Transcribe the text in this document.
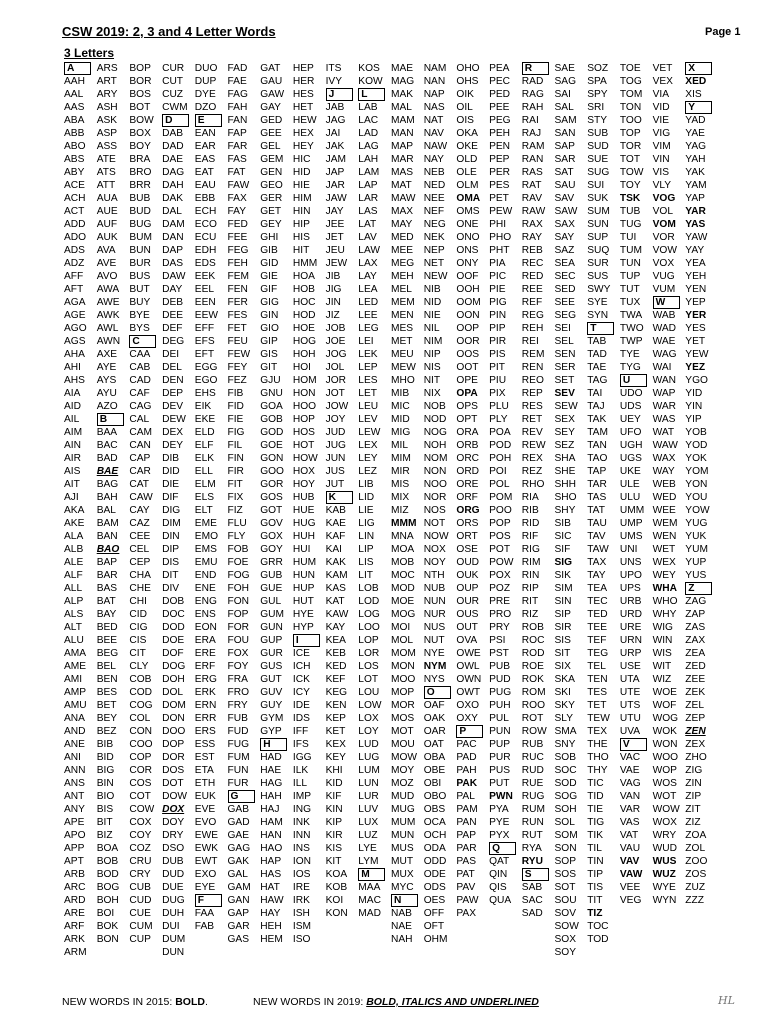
CSW 2019: 2, 3 and 4 Letter Words	Page 1
3 Letters
A
AAH
AAL
AAS
ABA
ABB
ABO
ABS
ABY
ACE
ACH
ACT
ADD
ADO
ADS
ADZ
AFF
AFT
AGA
AGE
AGO
AGS
AHA
AHI
AHS
AIA
AID
AIL
AIM
AIN
AIR
AIS
AIT
AJI
AKA
AKE
ALA
ALB
ALE
ALF
ALL
ALP
ALS
ALT
ALU
AMA
AME
AMI
AMP
AMU
ANA
AND
ANE
ANI
ANN
ANS
ANT
ANY
APE
APO
APP
APT
ARB
ARC
ARD
ARE
ARF
ARK
ARM
ARS
ART
ARY
ASH
ASK
ASP
ASS
ATE
ATS
ATT
AUA
AUE
AUF
AUK
AVA
AVE
AVO
AWA
AWE
AWK
AWL
AWN
AXE
AYE
AYS
AYU
AZO
B
BAA
BAC
BAD
BAE
BAG
BAH
BAL
BAM
BAN
BAO
BAP
BAR
BAS
BAT
BAY
BED
BEE
BEG
BEL
BEN
BES
BET
BEY
BEZ
BIB
BID
BIG
BIN
BIO
BIS
BIT
BIZ
BOA
BOB
BOD
BOG
BOH
BOI
BOK
BON
BOP
BOR
BOS
BOT
BOW
BOX
BOY
BRA
BRO
BRR
BUB
BUD
BUG
BUM
BUN
BUR
BUS
BUT
BUY
BYE
BYS
C
CAA
CAB
CAD
CAF
CAG
CAL
CAM
CAN
CAP
CAR
CAT
CAW
CAY
CAZ
CEE
CEL
CEP
CHA
CHE
CHI
CID
CIG
CIS
CIT
CLY
COB
COD
COG
COL
CON
COO
COP
COR
COS
COT
COW
COX
COY
COZ
CRU
CRY
CUB
CUD
CUE
CUM
CUP
CUR
CUT
CUZ
CWM
D
DAB
DAD
DAE
DAG
DAH
DAK
DAL
DAM
DAN
DAP
DAS
DAW
DAY
DEB
DEE
DEF
DEG
DEI
DEL
DEN
DEP
DEV
DEW
DEX
DEY
DIB
DID
DIE
DIF
DIG
DIM
DIN
DIP
DIS
DIT
DIV
DOB
DOC
DOD
DOE
DOF
DOG
DOH
DOL
DOM
DON
DOO
DOP
DOR
DOS
DOT
DOW
DOX
DOY
DRY
DSO
DUB
DUD
DUE
DUG
DUH
DUI
DUM
DUN
DUO
DUP
DYE
DZO
E
EAN
EAR
EAS
EAT
EAU
EBB
ECH
ECO
ECU
EDH
EDS
EEK
EEL
EEN
EEW
EFF
EFS
EFT
EGG
EGO
EHS
EIK
EKE
ELD
ELF
ELK
ELL
ELM
ELS
ELT
EME
EMO
EMS
EMU
END
ENE
ENG
ENS
EON
ERA
ERE
ERF
ERG
ERK
ERN
ERR
ERS
ESS
EST
ETA
ETH
EUK
EVE
EVO
EWE
EWK
EWT
EXO
EYE
F
FAA
FAB
FAD
FAE
FAG
FAH
FAN
FAP
FAR
FAS
FAT
FAW
FAX
FAY
FED
FEE
FEG
FEH
FEM
FEN
FER
FES
FET
FEU
FEW
FEY
FEZ
FIB
FID
FIE
FIG
FIL
FIN
FIR
FIT
FIX
FIZ
FLU
FLY
FOB
FOE
FOG
FOH
FON
FOP
FOR
FOU
FOX
FOY
FRA
FRO
FRY
FUB
FUD
FUG
FUM
FUN
FUR
G
GAB
GAD
GAE
GAG
GAK
GAL
GAM
GAN
GAP
GAR
GAS
GAT
GAU
GAW
GAY
GED
GEE
GEL
GEM
GEN
GEO
GER
GET
GEY
GHI
GIB
GID
GIE
GIF
GIG
GIN
GIO
GIP
GIS
GIT
GJU
GNU
GOA
GOB
GOD
GOE
GON
GOO
GOR
GOS
GOT
GOV
GOX
GOY
GRR
GUB
GUE
GUL
GUM
GUN
GUP
GUR
GUS
GUT
GUV
GUY
GYM
GYP
H
HAD
HAE
HAG
HAH
HAJ
HAM
HAN
HAO
HAP
HAS
HAT
HAW
HAY
HEH
HEM
HEP
HER
HES
HET
HEW
HEX
HEY
HIC
HID
HIE
HIM
HIN
HIP
HIS
HIT
HMM
HOA
HOB
HOC
HOD
HOE
HOG
HOH
HOI
HOM
HON
HOO
HOP
HOS
HOT
HOW
HOX
HOY
HUB
HUE
HUG
HUH
HUI
HUM
HUN
HUP
HUT
HYE
HYP
I
ICE
ICH
ICK
ICY
IDE
IDS
IFF
IFS
IGG
ILK
ILL
IMP
ING
INK
INN
INS
ION
IOS
IRE
IRK
ISH
ISM
ISO
ITS
IVY
J
JAB
JAG
JAI
JAK
JAM
JAP
JAR
JAW
JAY
JEE
JET
JEU
JEW
JIB
JIG
JIN
JIZ
JOB
JOE
JOG
JOL
JOR
JOT
JOW
JOY
JUD
JUG
JUN
JUS
JUT
K
KAB
KAE
KAF
KAI
KAK
KAM
KAS
KAT
KAW
KAY
KEA
KEB
KED
KEF
KEG
KEN
KEP
KET
KEX
KEY
KHI
KID
KIF
KIN
KIP
KIR
KIS
KIT
KOA
KOB
KOI
KON
KOS
KOW
L
LAB
LAC
LAD
LAG
LAH
LAM
LAP
LAR
LAS
LAT
LAV
LAW
LAX
LAY
LEA
LED
LEE
LEG
LEI
LEK
LEP
LES
LET
LEU
LEV
LEW
LEX
LEY
LEZ
LIB
LID
LIE
LIG
LIN
LIP
LIS
LIT
LOB
LOD
LOG
LOO
LOP
LOR
LOS
LOT
LOU
LOW
LOX
LOY
LUD
LUG
LUM
LUN
LUR
LUV
LUX
LUZ
LYE
LYM
M
MAA
MAC
MAD
MAE
MAG
MAK
MAL
MAM
MAN
MAP
MAR
MAS
MAT
MAW
MAX
MAY
MED
MEE
MEG
MEH
MEL
MEM
MEN
MES
MET
MEU
MEW
MHO
MIB
MIC
MID
MIG
MIL
MIM
MIR
MIS
MIX
MIZ
MMM
MNA
MOA
MOB
MOC
MOD
MOE
MOG
MOI
MOL
MOM
MON
MOO
MOP
MOR
MOS
MOT
MOU
MOW
MOY
MOZ
MUD
MUG
MUM
MUN
MUS
MUT
MUX
MYC
N
NAB
NAE
NAH
NAM
NAN
NAP
NAS
NAT
NAV
NAW
NAY
NEB
NED
NEE
NEF
NEG
NEK
NEP
NET
NEW
NIB
NID
NIE
NIL
NIM
NIP
NIS
NIT
NIX
NOB
NOD
NOG
NOH
NOM
NON
NOO
NOR
NOS
NOT
NOW
NOX
NOY
NTH
NUB
NUN
NUR
NUS
NUT
NYE
NYM
NYS
O
OAF
OAK
OAR
OAT
OBA
OBE
OBI
OBO
OBS
OCA
OCH
ODA
ODD
ODE
ODS
OES
OFF
OFT
OHM
OHO
OHS
OIK
OIL
OIS
OKA
OKE
OLD
OLE
OLM
OMA
OMS
ONE
ONO
ONS
ONY
OOF
OOH
OOM
OON
OOP
OOR
OOS
OOT
OPE
OPA
OPS
OPT
ORA
ORB
ORC
ORD
ORE
ORF
ORG
ORS
ORT
OSE
OUD
OUK
OUP
OUR
OUS
OUT
OVA
OWE
OWL
OWN
OWT
OXO
OXY
P
PAC
PAD
PAH
PAK
PAL
PAM
PAN
PAP
PAR
PAS
PAT
PAV
PAW
PAX
PEA
PEC
PED
PEE
PEG
PEH
PEN
PEP
PER
PES
PET
PEW
PHI
PHO
PHT
PIA
PIC
PIE
PIG
PIN
PIP
PIR
PIS
PIT
PIU
PIX
PLU
PLY
POA
POD
POH
POI
POL
POM
POO
POP
POS
POT
POW
POX
POZ
PRE
PRO
PRY
PSI
PST
PUB
PUD
PUG
PUH
PUL
PUN
PUP
PUR
PUS
PUT
PWN
PYA
PYE
PYX
Q
QAT
QIN
QIS
QUA
R
RAD
RAG
RAH
RAI
RAJ
RAM
RAN
RAS
RAT
RAV
RAW
RAX
RAY
REB
REC
RED
REE
REF
REG
REH
REI
REM
REN
REO
REP
RES
RET
REV
REW
REX
REZ
RHO
RIA
RIB
RID
RIF
RIG
RIM
RIN
RIP
RIT
RIZ
ROB
ROC
ROD
ROE
ROK
ROM
ROO
ROT
ROW
RUB
RUC
RUD
RUE
RUG
RUM
RUN
RUT
RYA
RYU
S
SAB
SAC
SAD
SAE
SAG
SAI
SAL
SAM
SAN
SAP
SAR
SAT
SAU
SAV
SAW
SAX
SAY
SAZ
SEA
SEC
SED
SEE
SEG
SEI
SEL
SEN
SER
SET
SEV
SEW
SEX
SEY
SEZ
SHA
SHE
SHH
SHO
SHY
SIB
SIC
SIF
SIG
SIK
SIM
SIN
SIP
SIR
SIS
SIT
SIX
SKA
SKI
SKY
SLY
SMA
SNY
SOB
SOC
SOD
SOG
SOH
SOL
SOM
SON
SOP
SOS
SOT
SOU
SOV
SOW
SOX
SOY
SOZ
SPA
SPY
SRI
STY
SUB
SUD
SUE
SUG
SUI
SUK
SUM
SUN
SUP
SUQ
SUR
SUS
SWY
SYE
SYN
T
TAB
TAD
TAE
TAG
TAI
TAJ
TAK
TAM
TAN
TAO
TAP
TAR
TAS
TAT
TAU
TAV
TAW
TAX
TAY
TEA
TEC
TED
TEE
TEF
TEG
TEL
TEN
TES
TET
TEW
TEX
THE
THO
THY
TIC
TID
TIE
TIG
TIK
TIL
TIN
TIP
TIS
TIT
TIZ
TOC
TOD
TOE
TOG
TOM
TON
TOO
TOP
TOR
TOT
TOW
TOY
TSK
TUB
TUG
TUI
TUM
TUN
TUP
TUT
TUX
TWA
TWO
TWP
TYE
TYG
U
UDO
UDS
UEY
UFO
UGH
UGS
UKE
ULE
ULU
UMM
UMP
UMS
UNI
UNS
UPO
UPS
URB
URD
URE
URN
URP
USE
UTA
UTE
UTS
UTU
UVA
V
VAC
VAE
VAG
VAN
VAR
VAS
VAT
VAU
VAV
VAW
VEE
VEG
VET
VEX
VIA
VID
VIE
VIG
VIM
VIN
VIS
VLY
VOG
VOL
VOM
VOR
VOW
VOX
VUG
VUM
W
WAB
WAD
WAE
WAG
WAI
WAN
WAP
WAR
WAS
WAT
WAW
WAX
WAY
WEB
WED
WEE
WEM
WEN
WET
WEX
WEY
WHA
WHO
WHY
WIG
WIN
WIS
WIT
WIZ
WOE
WOF
WOG
WOK
WON
WOO
WOP
WOS
WOT
WOW
WOX
WRY
WUD
WUS
WUZ
WYE
WYN
X
XED
XIS
Y
YAD
YAE
YAG
YAH
YAK
YAM
YAP
YAR
YAS
YAW
YAY
YEA
YEH
YEN
YEP
YER
YES
YET
YEW
YEZ
YGO
YID
YIN
YIP
YOB
YOD
YOK
YOM
YON
YOU
YOW
YUG
YUK
YUM
YUP
YUS
Z
ZAG
ZAP
ZAS
ZAX
ZEA
ZED
ZEE
ZEK
ZEL
ZEP
ZEN
ZEX
ZHO
ZIG
ZIN
ZIP
ZIT
ZIZ
ZOA
ZOL
ZOO
ZOS
ZUZ
ZZZ
NEW WORDS IN 2015: BOLD.	NEW WORDS IN 2019: BOLD, ITALICS AND UNDERLINED	HL
